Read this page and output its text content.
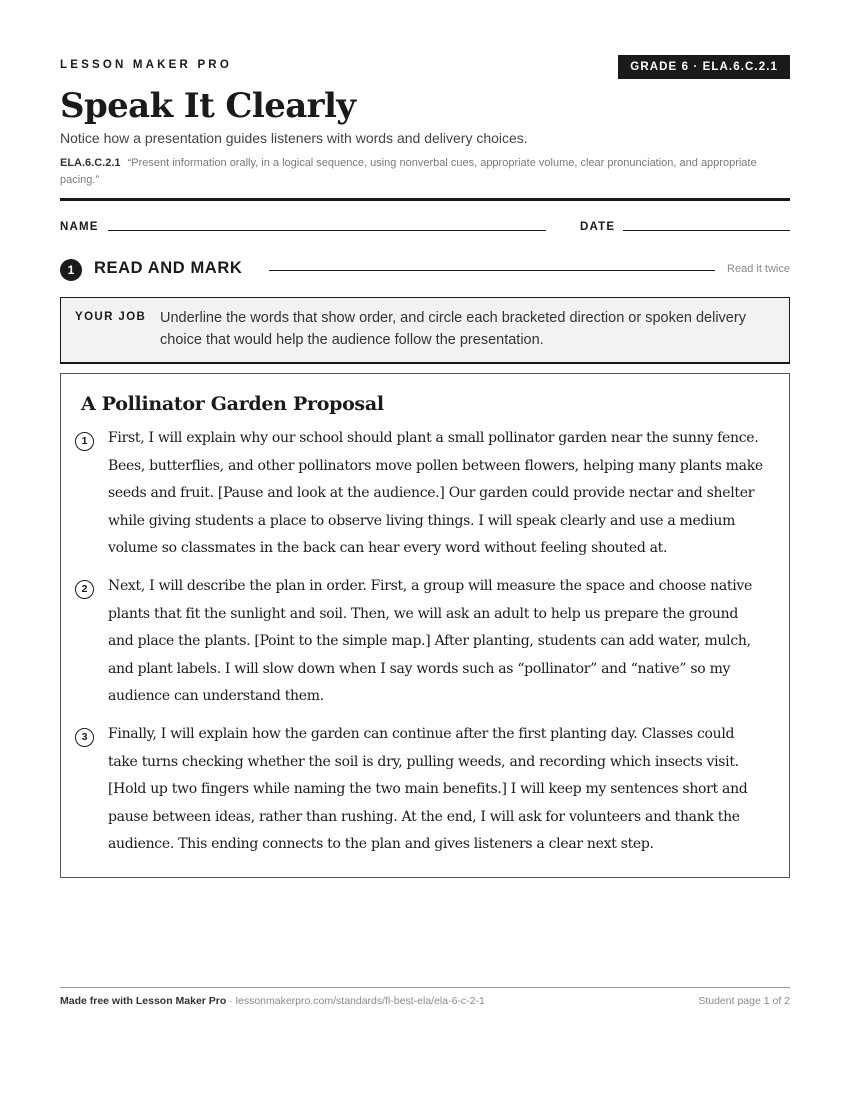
LESSON MAKER PRO	GRADE 6 · ELA.6.C.2.1
Speak It Clearly
Notice how a presentation guides listeners with words and delivery choices.
ELA.6.C.2.1 “Present information orally, in a logical sequence, using nonverbal cues, appropriate volume, clear pronunciation, and appropriate pacing.”
NAME	DATE
1	READ AND MARK	Read it twice
YOUR JOB Underline the words that show order, and circle each bracketed direction or spoken delivery choice that would help the audience follow the presentation.
A Pollinator Garden Proposal
1	First, I will explain why our school should plant a small pollinator garden near the sunny fence. Bees, butterflies, and other pollinators move pollen between flowers, helping many plants make seeds and fruit. [Pause and look at the audience.] Our garden could provide nectar and shelter while giving students a place to observe living things. I will speak clearly and use a medium volume so classmates in the back can hear every word without feeling shouted at.
2	Next, I will describe the plan in order. First, a group will measure the space and choose native plants that fit the sunlight and soil. Then, we will ask an adult to help us prepare the ground and place the plants. [Point to the simple map.] After planting, students can add water, mulch, and plant labels. I will slow down when I say words such as “pollinator” and “native” so my audience can understand them.
3	Finally, I will explain how the garden can continue after the first planting day. Classes could take turns checking whether the soil is dry, pulling weeds, and recording which insects visit. [Hold up two fingers while naming the two main benefits.] I will keep my sentences short and pause between ideas, rather than rushing. At the end, I will ask for volunteers and thank the audience. This ending connects to the plan and gives listeners a clear next step.
Made free with Lesson Maker Pro · lessonmakerpro.com/standards/fl-best-ela/ela-6-c-2-1	Student page 1 of 2
